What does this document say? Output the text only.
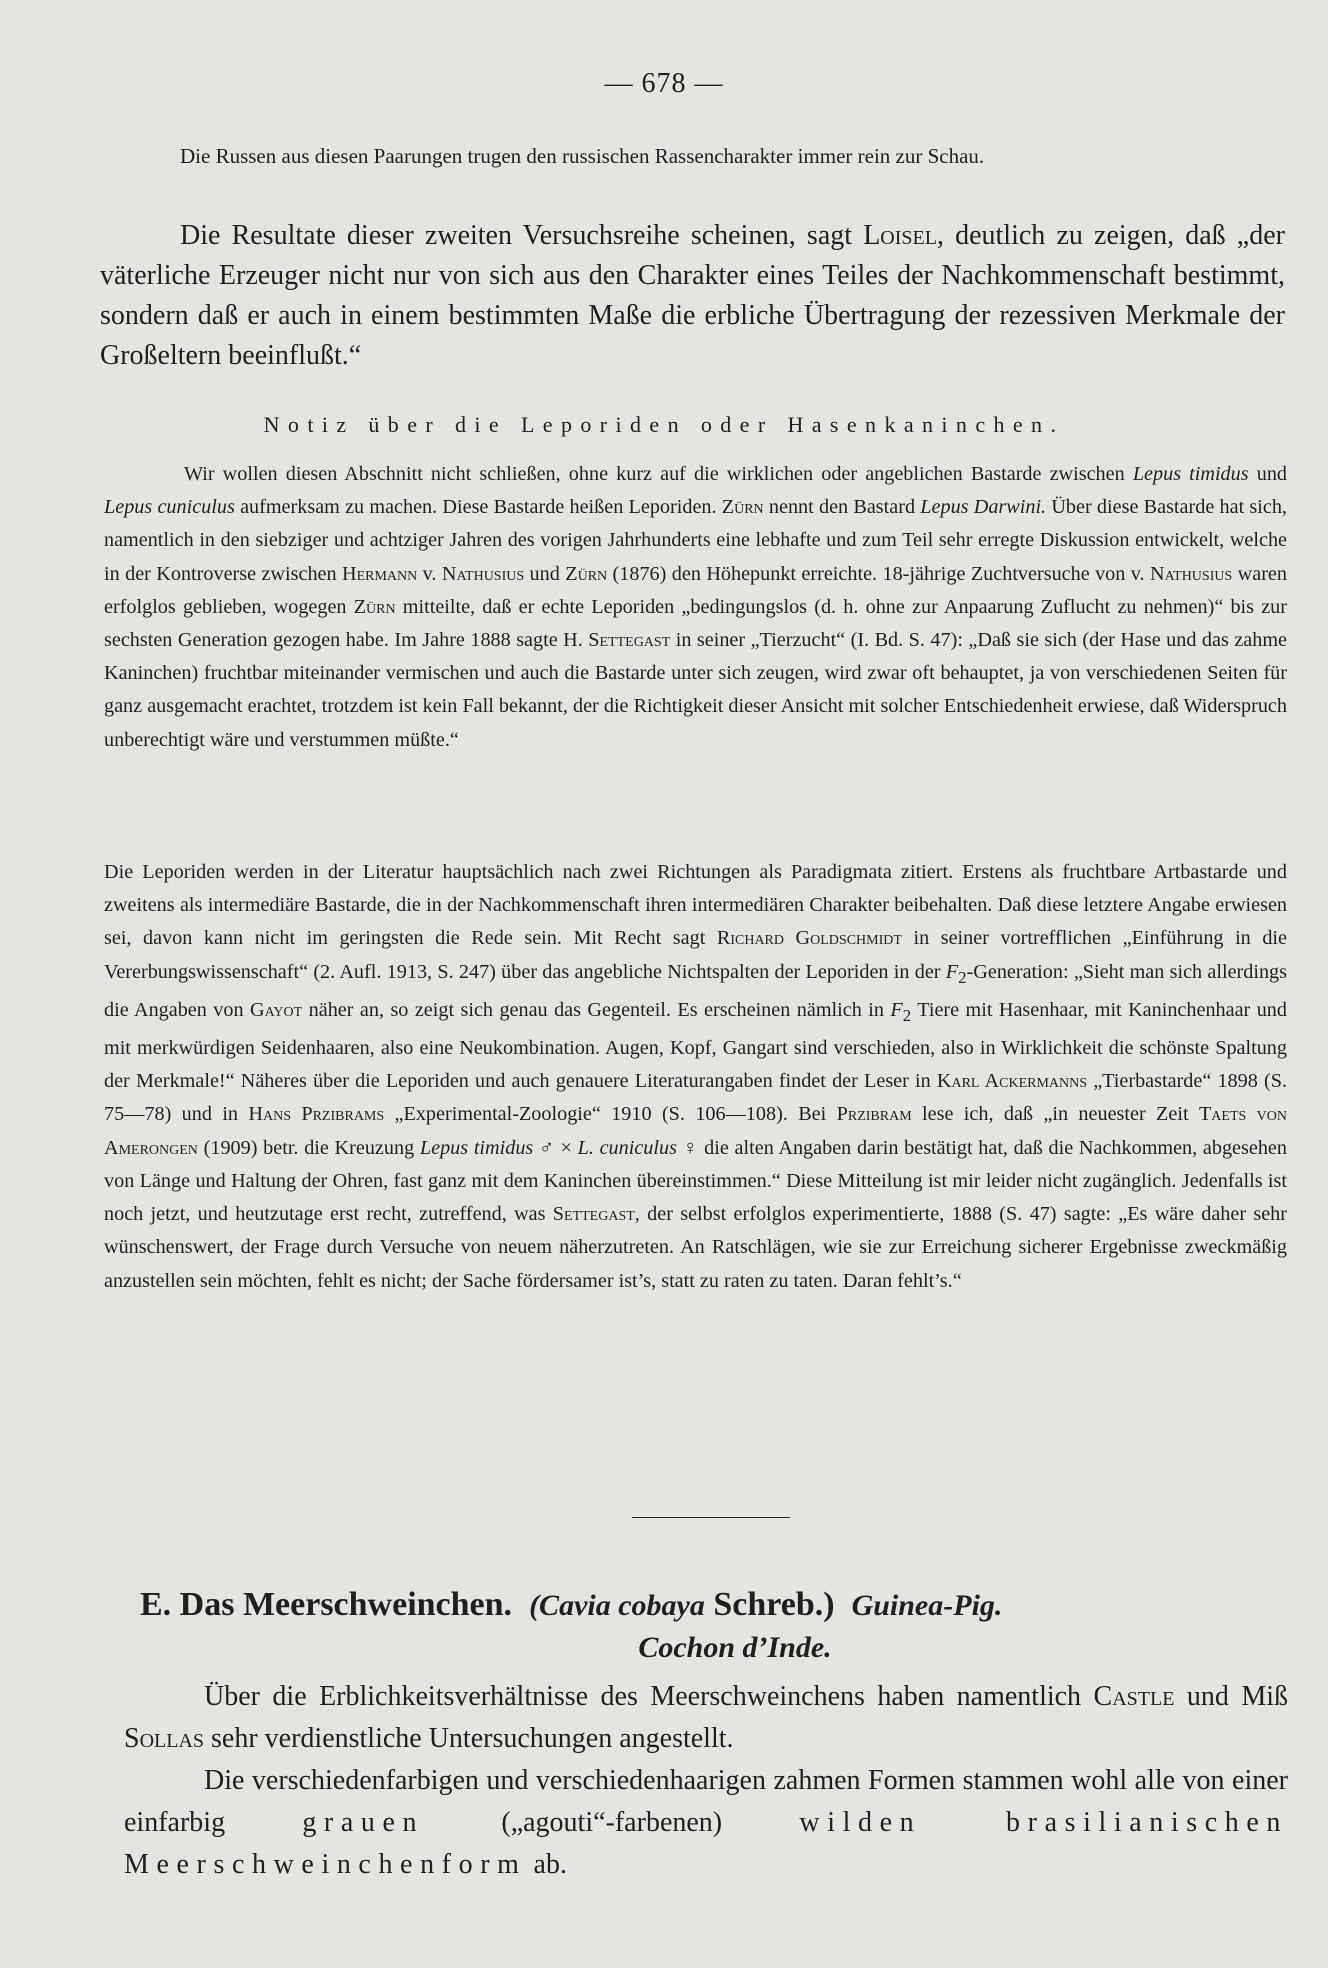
— 678 —
Die Russen aus diesen Paarungen trugen den russischen Rassencharakter immer rein zur Schau.
Die Resultate dieser zweiten Versuchsreihe scheinen, sagt Loisel, deutlich zu zeigen, daß „der väterliche Erzeuger nicht nur von sich aus den Charakter eines Teiles der Nachkommenschaft bestimmt, sondern daß er auch in einem bestimmten Maße die erbliche Übertragung der rezessiven Merkmale der Großeltern beeinflußt.“
Notiz über die Leporiden oder Hasenkaninchen.

Wir wollen diesen Abschnitt nicht schließen, ohne kurz auf die wirklichen oder angeblichen Bastarde zwischen Lepus timidus und Lepus cuniculus aufmerksam zu machen. Diese Bastarde heißen Leporiden. Zürn nennt den Bastard Lepus Darwini. Über diese Bastarde hat sich, namentlich in den siebziger und achtziger Jahren des vorigen Jahrhunderts eine lebhafte und zum Teil sehr erregte Diskussion entwickelt, welche in der Kontroverse zwischen Hermann v. Nathusius und Zürn (1876) den Höhepunkt erreichte. 18-jährige Zuchtversuche von v. Nathusius waren erfolglos geblieben, wogegen Zürn mitteilte, daß er echte Leporiden „bedingungslos (d. h. ohne zur Anpaarung Zuflucht zu nehmen)“ bis zur sechsten Generation gezogen habe. Im Jahre 1888 sagte H. Settegast in seiner „Tierzucht“ (I. Bd. S. 47): „Daß sie sich (der Hase und das zahme Kaninchen) fruchtbar miteinander vermischen und auch die Bastarde unter sich zeugen, wird zwar oft behauptet, ja von verschiedenen Seiten für ganz ausgemacht erachtet, trotzdem ist kein Fall bekannt, der die Richtigkeit dieser Ansicht mit solcher Entschiedenheit erwiese, daß Widerspruch unberechtigt wäre und verstummen müßte.“

Die Leporiden werden in der Literatur hauptsächlich nach zwei Richtungen als Paradigmata zitiert. Erstens als fruchtbare Artbastarde und zweitens als intermediäre Bastarde, die in der Nachkommenschaft ihren intermediären Charakter beibehalten. Daß diese letztere Angabe erwiesen sei, davon kann nicht im geringsten die Rede sein. Mit Recht sagt Richard Goldschmidt in seiner vortrefflichen „Einführung in die Vererbungswissenschaft“ (2. Aufl. 1913, S. 247) über das angebliche Nichtspalten der Leporiden in der $F_2$-Generation: „Sieht man sich allerdings die Angaben von Gayot näher an, so zeigt sich genau das Gegenteil. Es erscheinen nämlich in $F_2$ Tiere mit Hasenhaar, mit Kaninchenhaar und mit merkwürdigen Seidenhaaren, also eine Neukombination. Augen, Kopf, Gangart sind verschieden, also in Wirklichkeit die schönste Spaltung der Merkmale!“ Näheres über die Leporiden und auch genauere Literaturangaben findet der Leser in Karl Ackermanns „Tierbastarde“ 1898 (S. 75—78) und in Hans Przibrams „Experimental-Zoologie“ 1910 (S. 106—108). Bei Przibram lese ich, daß „in neuester Zeit Taets von Amerongen (1909) betr. die Kreuzung Lepus timidus ♂ × L. cuniculus ♀ die alten Angaben darin bestätigt hat, daß die Nachkommen, abgesehen von Länge und Haltung der Ohren, fast ganz mit dem Kaninchen übereinstimmen.“ Diese Mitteilung ist mir leider nicht zugänglich. Jedenfalls ist noch jetzt, und heutzutage erst recht, zutreffend, was Settegast, der selbst erfolglos experimentierte, 1888 (S. 47) sagte: „Es wäre daher sehr wünschenswert, der Frage durch Versuche von neuem näherzutreten. An Ratschlägen, wie sie zur Erreichung sicherer Ergebnisse zweckmäßig anzustellen sein möchten, fehlt es nicht; der Sache fördersamer ist’s, statt zu raten zu taten. Daran fehlt’s.“

E. Das Meerschweinchen. (Cavia cobaya Schreb.) Guinea-Pig.
Cochon d’Inde.

Über die Erblichkeitsverhältnisse des Meerschweinchens haben namentlich Castle und Miß Sollas sehr verdienstliche Untersuchungen angestellt.

Die verschiedenfarbigen und verschiedenhaarigen zahmen Formen stammen wohl alle von einer einfarbig grauen („agouti“-farbenen) wilden brasilianischen Meerschweinchenform ab.
